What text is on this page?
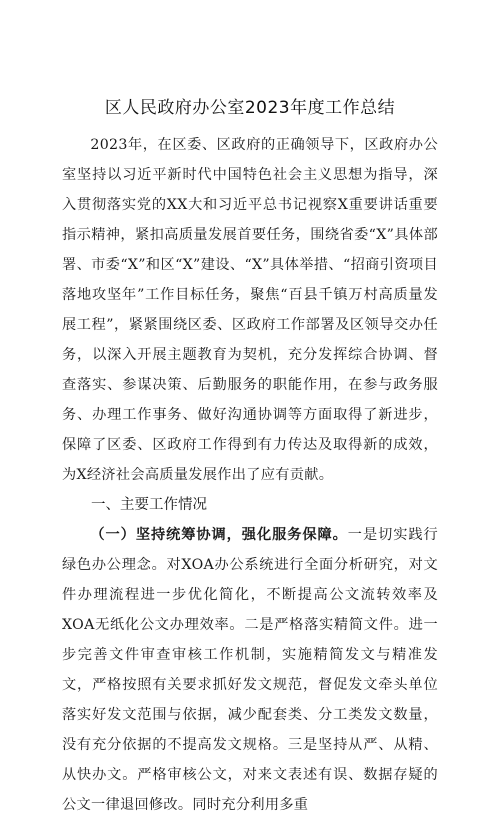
区人民政府办公室2023年度工作总结

2023年，在区委、区政府的正确领导下，区政府办公室坚持以习近平新时代中国特色社会主义思想为指导，深入贯彻落实党的XX大和习近平总书记视察X重要讲话重要指示精神，紧扣高质量发展首要任务，围绕省委“X”具体部署、市委“X”和区“X”建设、“X”具体举措、“招商引资项目落地攻坚年”工作目标任务，聚焦“百县千镇万村高质量发展工程”，紧紧围绕区委、区政府工作部署及区领导交办任务，以深入开展主题教育为契机，充分发挥综合协调、督查落实、参谋决策、后勤服务的职能作用，在参与政务服务、办理工作事务、做好沟通协调等方面取得了新进步，保障了区委、区政府工作得到有力传达及取得新的成效，为X经济社会高质量发展作出了应有贡献。

一、主要工作情况

（一）坚持统筹协调，强化服务保障。一是切实践行绿色办公理念。对XOA办公系统进行全面分析研究，对文件办理流程进一步优化简化，不断提高公文流转效率及XOA无纸化公文办理效率。二是严格落实精简文件。进一步完善文件审查审核工作机制，实施精简发文与精准发文，严格按照有关要求抓好发文规范，督促发文牵头单位落实好发文范围与依据，减少配套类、分工类发文数量，没有充分依据的不提高发文规格。三是坚持从严、从精、从快办文。严格审核公文，对来文表述有误、数据存疑的公文一律退回修改。同时充分利用多重
